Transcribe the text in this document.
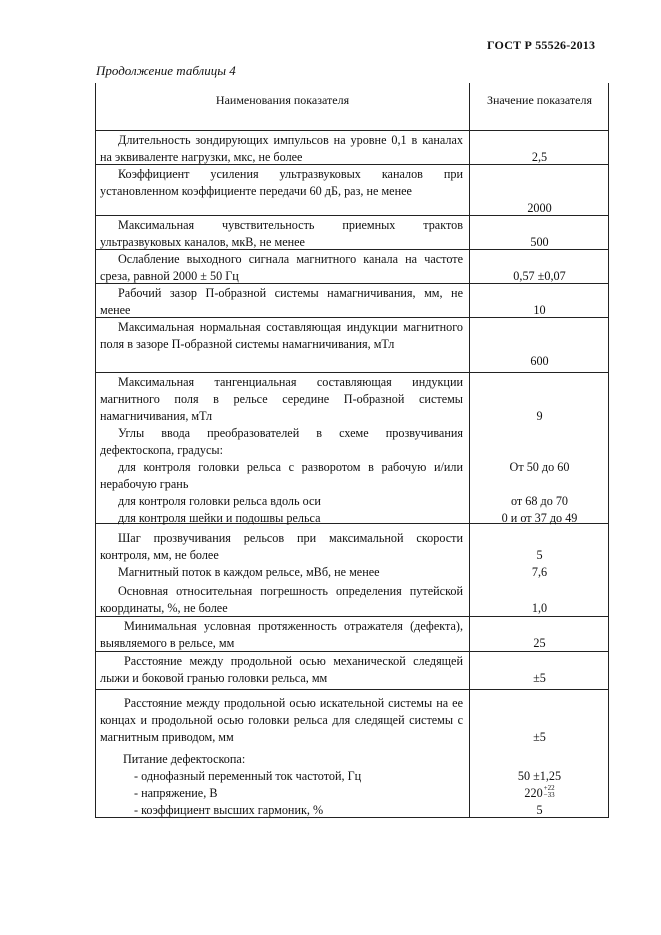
ГОСТ Р 55526-2013
Продолжение таблицы 4
Наименования показателя	Значение показателя
Длительность зондирующих импульсов на уровне 0,1 в каналах на эквиваленте нагрузки, мкс, не более
Коэффициент усиления ультразвуковых каналов при установленном коэффициенте передачи 60 дБ, раз, не менее
Максимальная чувствительность приемных трактов ультразвуковых каналов, мкВ, не менее
Ослабление выходного сигнала магнитного канала на частоте среза, равной 2000 ± 50 Гц
Рабочий зазор П-образной системы намагничивания, мм, не менее
Максимальная нормальная составляющая индукции магнитного поля в зазоре П-образной системы намагничивания, мТл
Максимальная тангенциальная составляющая индукции магнитного поля в рельсе середине П-образной системы намагничивания, мТл
Углы ввода преобразователей в схеме прозвучивания дефектоскопа, градусы:
для контроля головки рельса с разворотом в рабочую и/или нерабочую грань
для контроля головки рельса вдоль оси
для контроля шейки и подошвы рельса
Шаг прозвучивания рельсов при максимальной скорости контроля, мм, не более
Магнитный поток в каждом рельсе, мВб, не менее
Основная относительная погрешность определения путейской координаты, %, не более
Минимальная условная протяженность отражателя (дефекта), выявляемого в рельсе, мм
Расстояние между продольной осью механической следящей лыжи и боковой гранью головки рельса, мм
Расстояние между продольной осью искательной системы на ее концах и продольной осью головки рельса для следящей системы с магнитным приводом, мм
Питание дефектоскопа:
- однофазный переменный ток частотой, Гц
- напряжение, В
- коэффициент высших гармоник, %
2,5
2000
500
0,57 ±0,07
10
600
9
От 50 до 60
от 68 до 70
0 и от 37 до 49
5
7,6
1,0
25
±5
±5
50 ±1,25
220 +22
−33
5
